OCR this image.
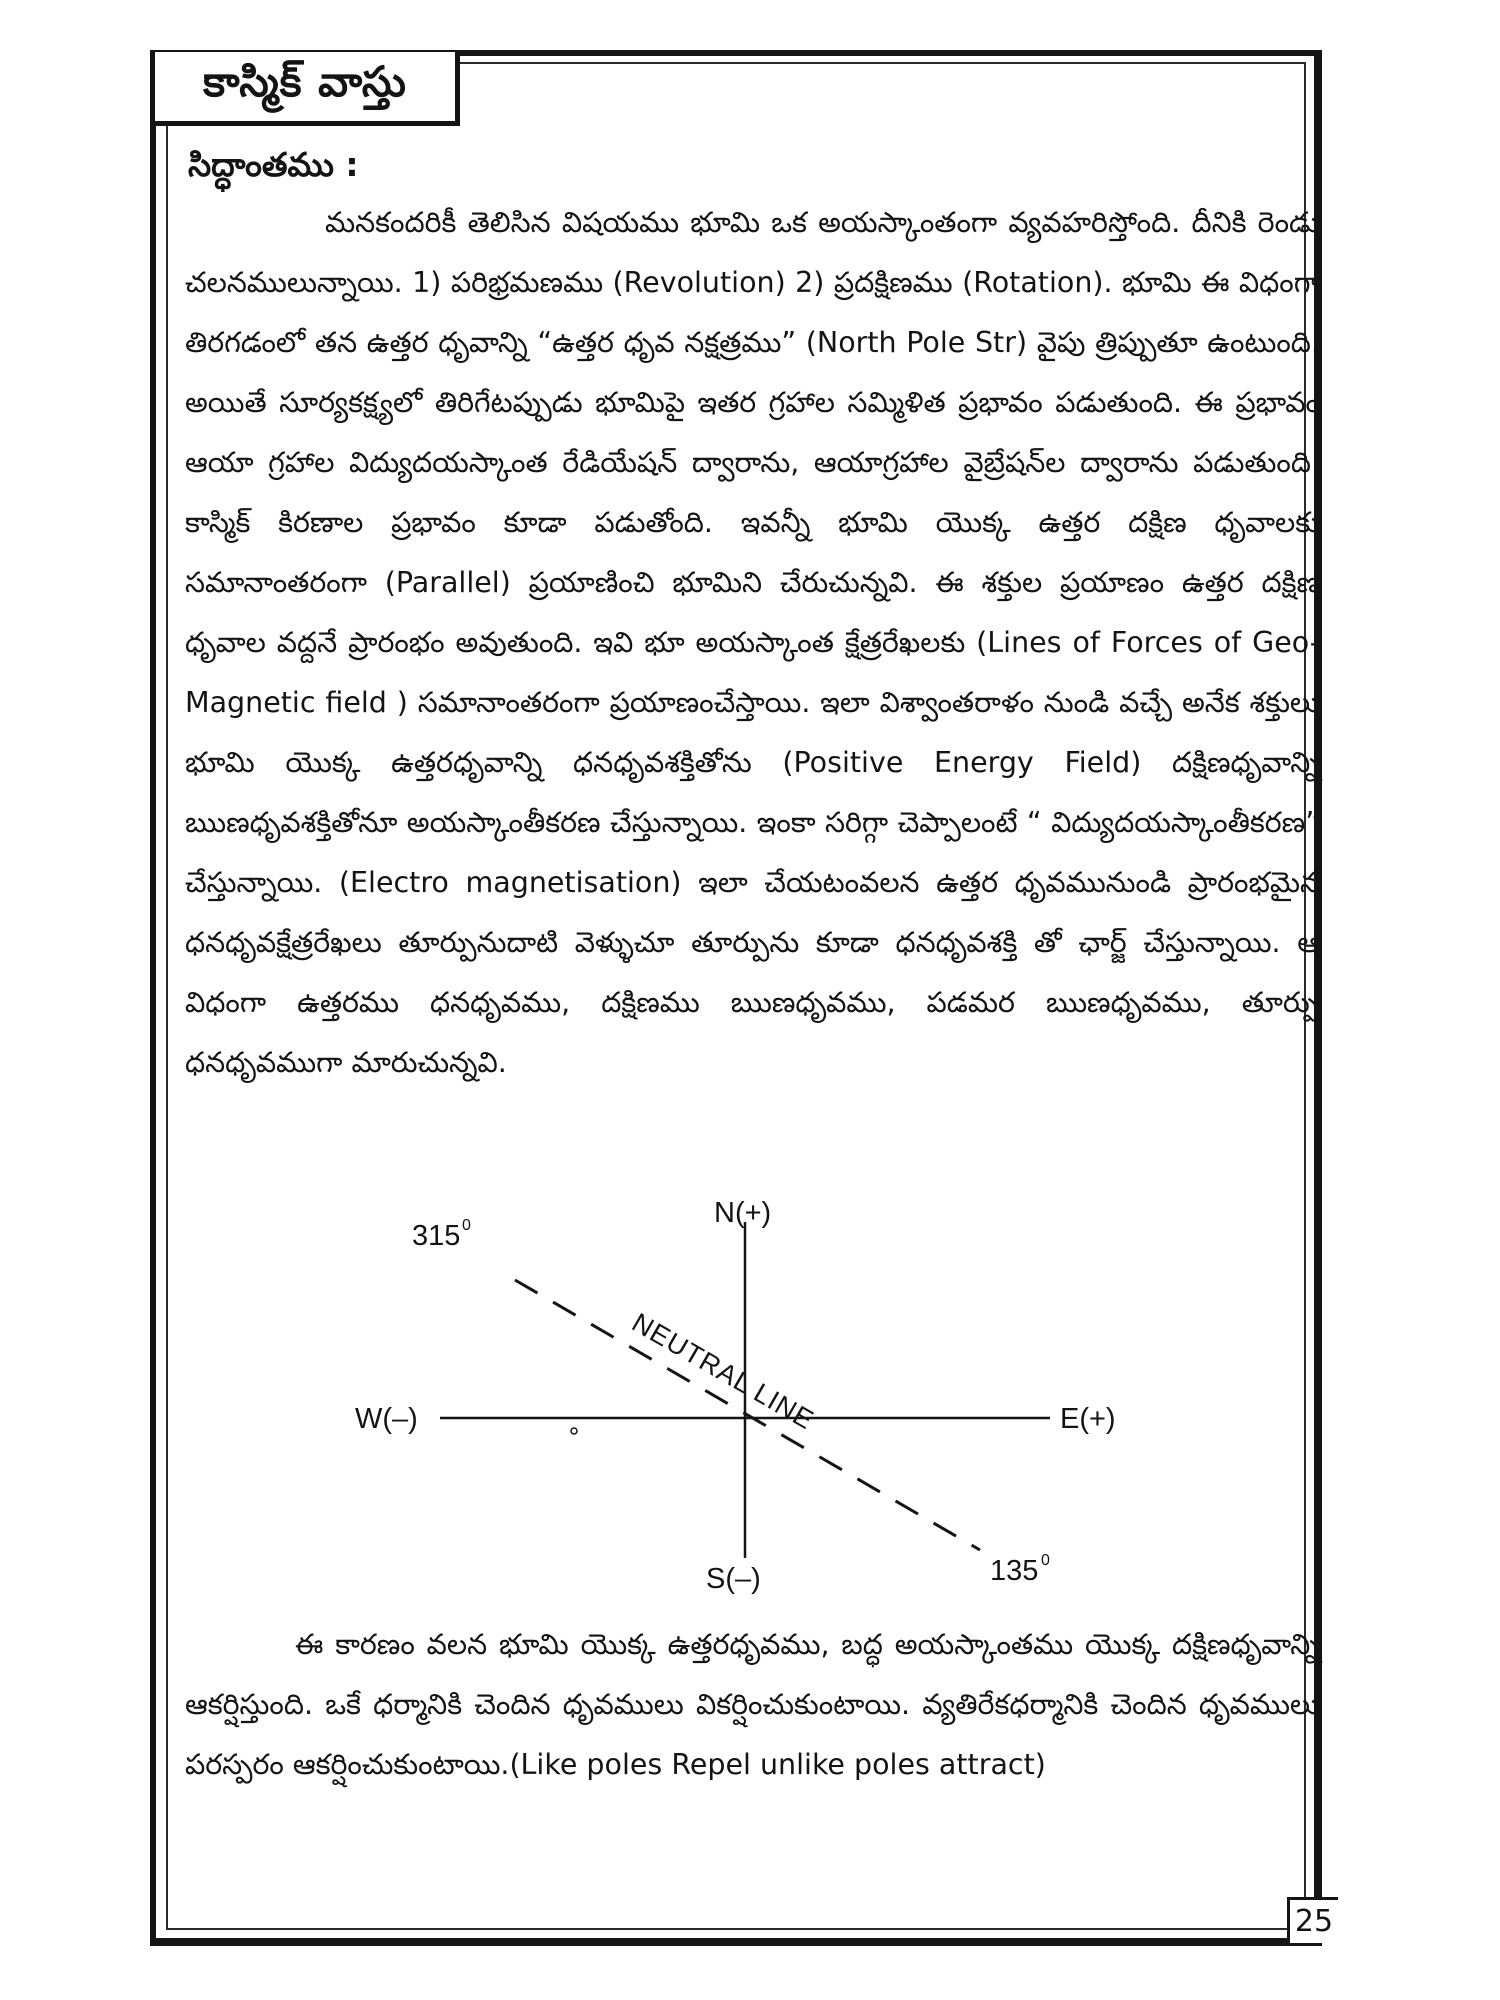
కాస్మిక్ వాస్తు
సిద్ధాంతము :

మనకందరికీ తెలిసిన విషయము భూమి ఒక అయస్కాంతంగా వ్యవహరిస్తోంది. దీనికి రెండు చలనములున్నాయి. 1) పరిభ్రమణము (Revolution) 2) ప్రదక్షిణము (Rotation). భూమి ఈ విధంగా తిరగడంలో తన ఉత్తర ధృవాన్ని “ఉత్తర ధృవ నక్షత్రము” (North Pole Str) వైపు త్రిప్పుతూ ఉంటుంది. అయితే సూర్యకక్ష్యలో తిరిగేటప్పుడు భూమిపై ఇతర గ్రహాల సమ్మిళిత ప్రభావం పడుతుంది. ఈ ప్రభావం ఆయా గ్రహాల విద్యుదయస్కాంత రేడియేషన్ ద్వారాను, ఆయాగ్రహాల వైబ్రేషన్‌ల ద్వారాను పడుతుంది. కాస్మిక్ కిరణాల ప్రభావం కూడా పడుతోంది. ఇవన్నీ భూమి యొక్క ఉత్తర దక్షిణ ధృవాలకు సమానాంతరంగా (Parallel) ప్రయాణించి భూమిని చేరుచున్నవి. ఈ శక్తుల ప్రయాణం ఉత్తర దక్షిణ ధృవాల వద్దనే ప్రారంభం అవుతుంది. ఇవి భూ అయస్కాంత క్షేత్రరేఖలకు (Lines of Forces of Geo-Magnetic field ) సమానాంతరంగా ప్రయాణంచేస్తాయి. ఇలా విశ్వాంతరాళం నుండి వచ్చే అనేక శక్తులు భూమి యొక్క ఉత్తరధృవాన్ని ధనధృవశక్తితోను (Positive Energy Field) దక్షిణధృవాన్ని ఋణధృవశక్తితోనూ అయస్కాంతీకరణ చేస్తున్నాయి. ఇంకా సరిగ్గా చెప్పాలంటే “ విద్యుదయస్కాంతీకరణ” చేస్తున్నాయి. (Electro magnetisation) ఇలా చేయటంవలన ఉత్తర ధృవమునుండి ప్రారంభమైన ధనధృవక్షేత్రరేఖలు తూర్పునుదాటి వెళ్ళుచూ తూర్పును కూడా ధనధృవశక్తి తో ఛార్జ్ చేస్తున్నాయి. ఆ విధంగా ఉత్తరము ధనధృవము, దక్షిణము ఋణధృవము, పడమర ఋణధృవము, తూర్పు ధనధృవముగా మారుచున్నవి.

N(+)
S(–)
E(+)
W(–)
315 0
135 0
NEUTRAL LINE

ఈ కారణం వలన భూమి యొక్క ఉత్తరధృవము, బద్ధ అయస్కాంతము యొక్క దక్షిణధృవాన్ని ఆకర్షిస్తుంది. ఒకే ధర్మానికి చెందిన ధృవములు వికర్షించుకుంటాయి. వ్యతిరేకధర్మానికి చెందిన ధృవములు పరస్పరం ఆకర్షించుకుంటాయి.(Like poles Repel unlike poles attract)

25
